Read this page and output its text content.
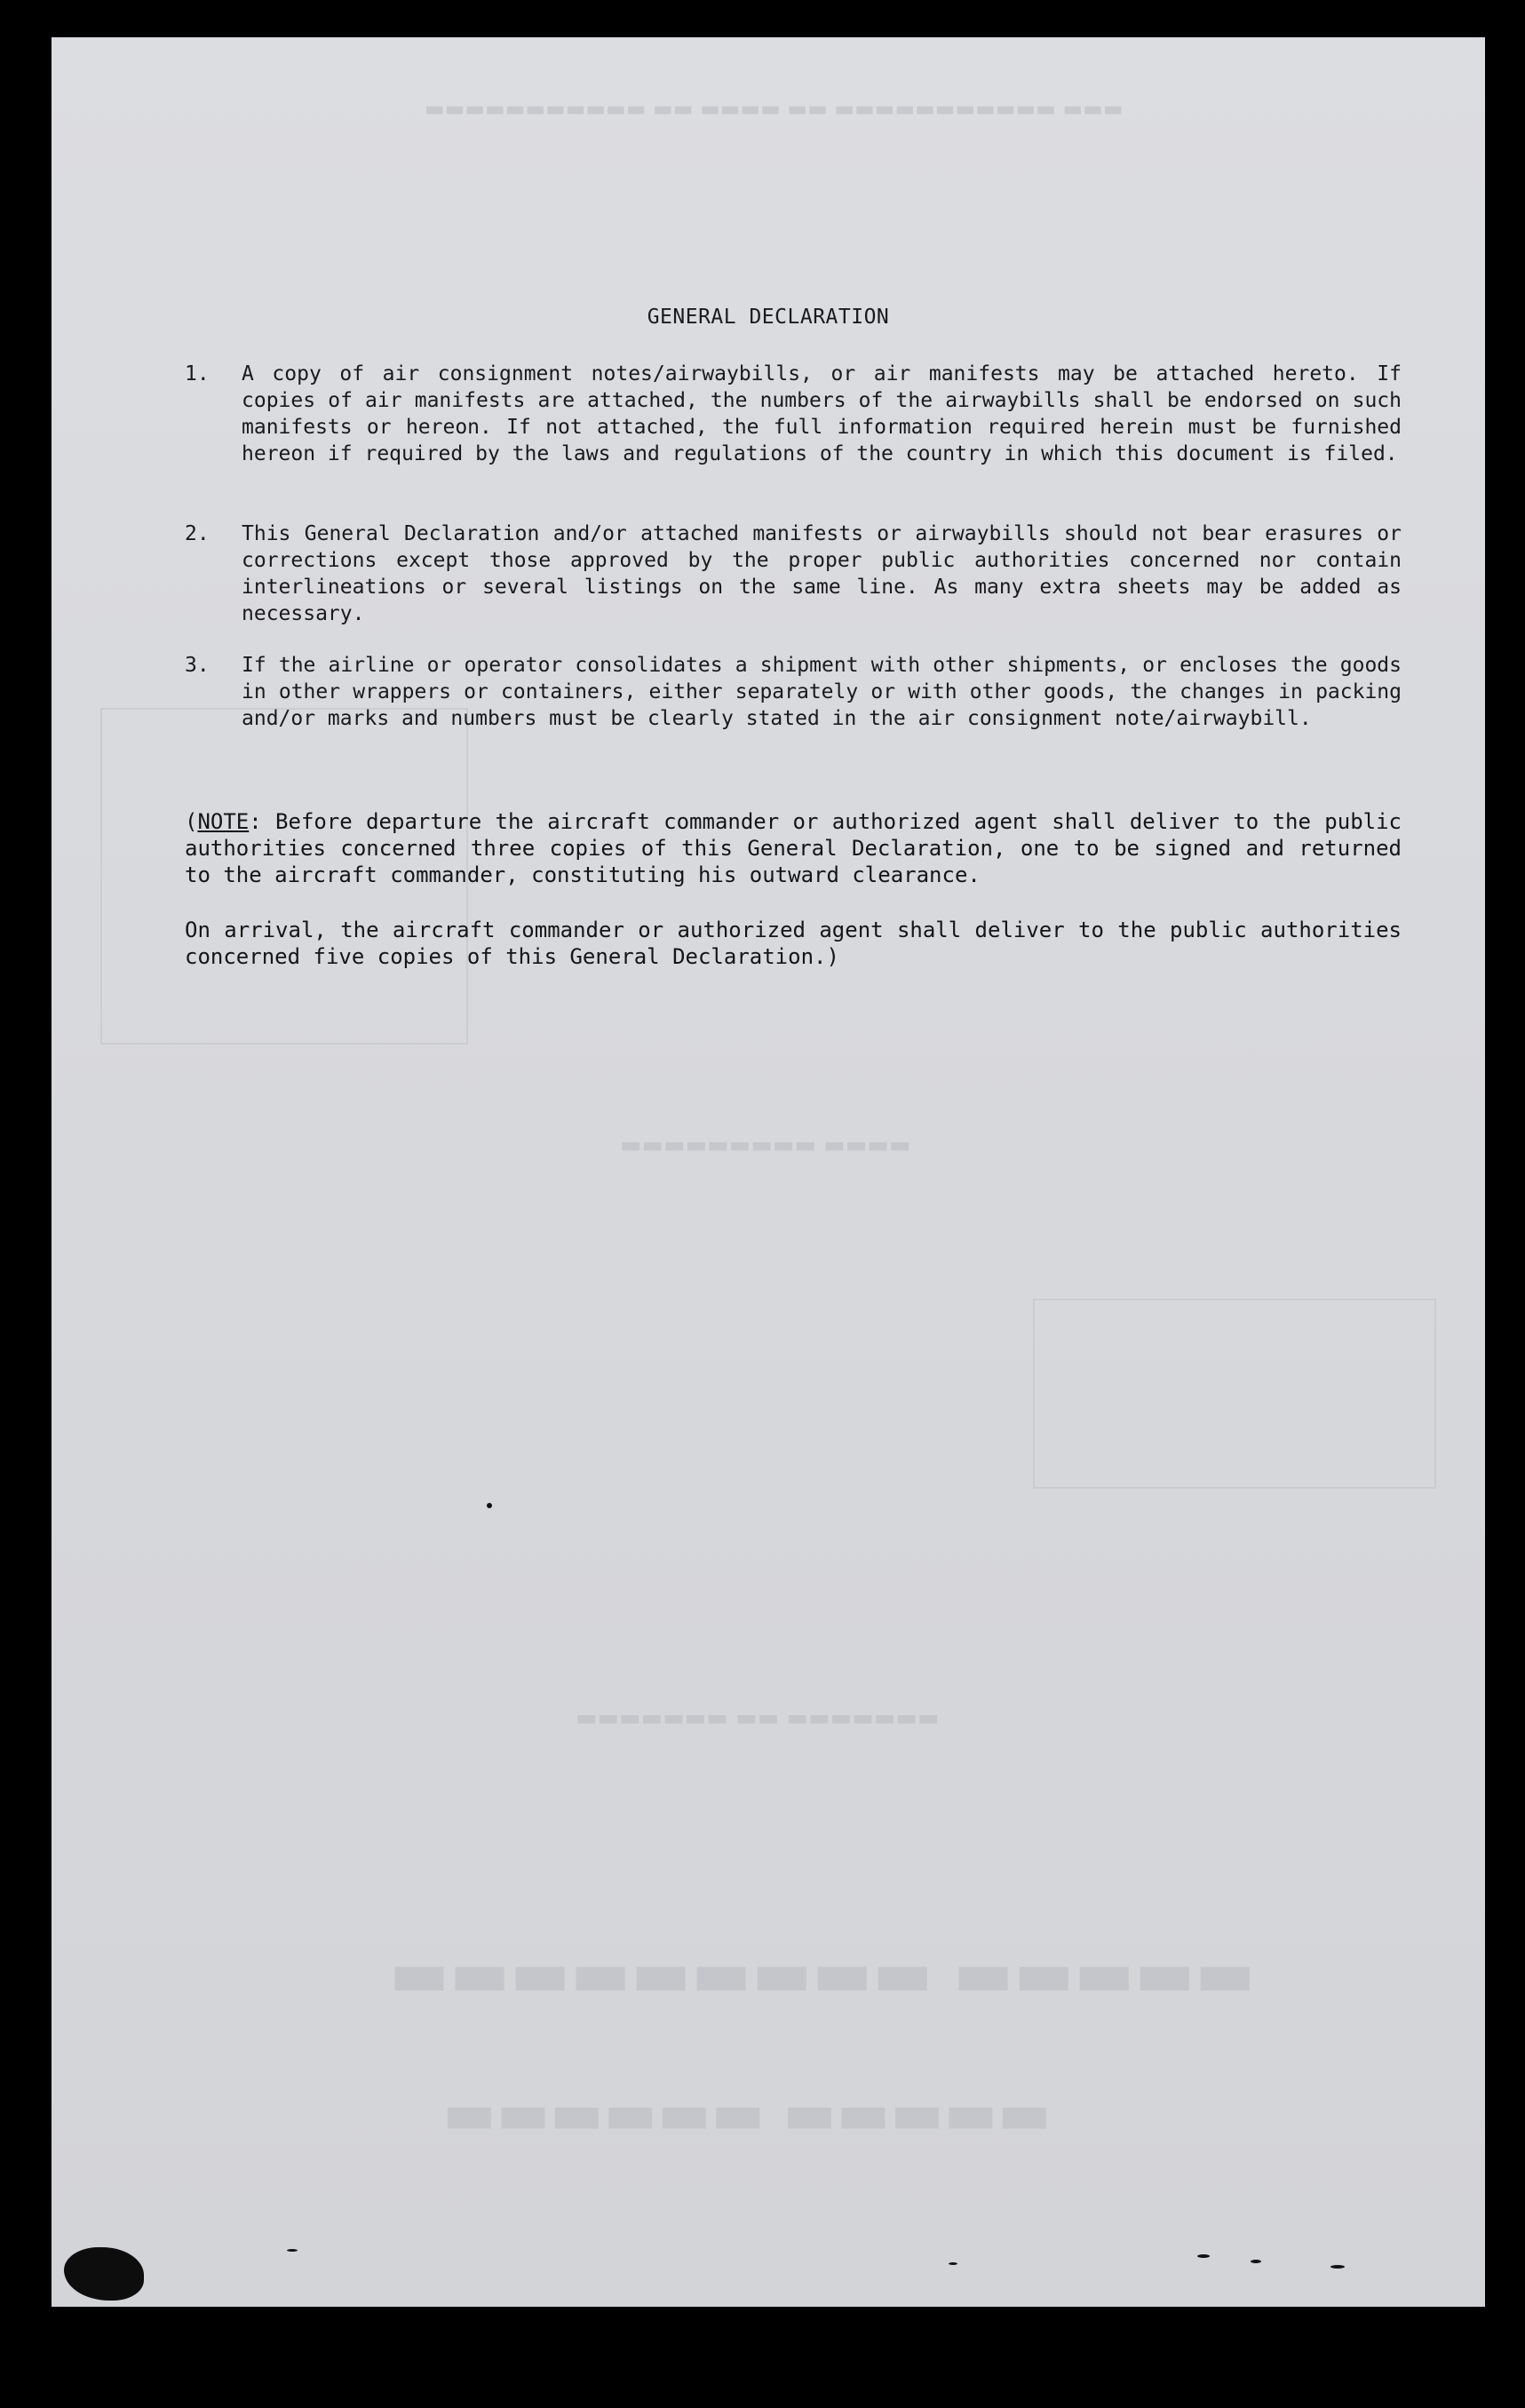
▬▬▬▬▬ ▬▬▬▬▬▬▬▬▬
▬▬▬▬▬ ▬▬▬▬▬▬
▬▬▬▬▬▬▬ ▬▬ ▬▬▬▬▬▬▬
▬▬▬▬ ▬▬▬▬▬▬▬▬▬
▬▬▬ ▬▬▬▬▬▬▬▬▬▬▬ ▬▬ ▬▬▬▬ ▬▬ ▬▬▬▬▬▬▬▬▬▬▬
GENERAL DECLARATION
1. A copy of air consignment notes/airwaybills, or air manifests may be attached hereto. If copies of air manifests are attached, the numbers of the airwaybills shall be endorsed on such manifests or hereon. If not attached, the full information required herein must be furnished hereon if required by the laws and regulations of the country in which this document is filed.
2. This General Declaration and/or attached manifests or airwaybills should not bear erasures or corrections except those approved by the proper public authorities concerned nor contain interlineations or several listings on the same line. As many extra sheets may be added as necessary.
3. If the airline or operator consolidates a shipment with other shipments, or encloses the goods in other wrappers or containers, either separately or with other goods, the changes in packing and/or marks and numbers must be clearly stated in the air consignment note/airwaybill.
(NOTE: Before departure the aircraft commander or authorized agent shall deliver to the public authorities concerned three copies of this General Declaration, one to be signed and returned to the aircraft commander, constituting his outward clearance.
On arrival, the aircraft commander or authorized agent shall deliver to the public authorities concerned five copies of this General Declaration.)
